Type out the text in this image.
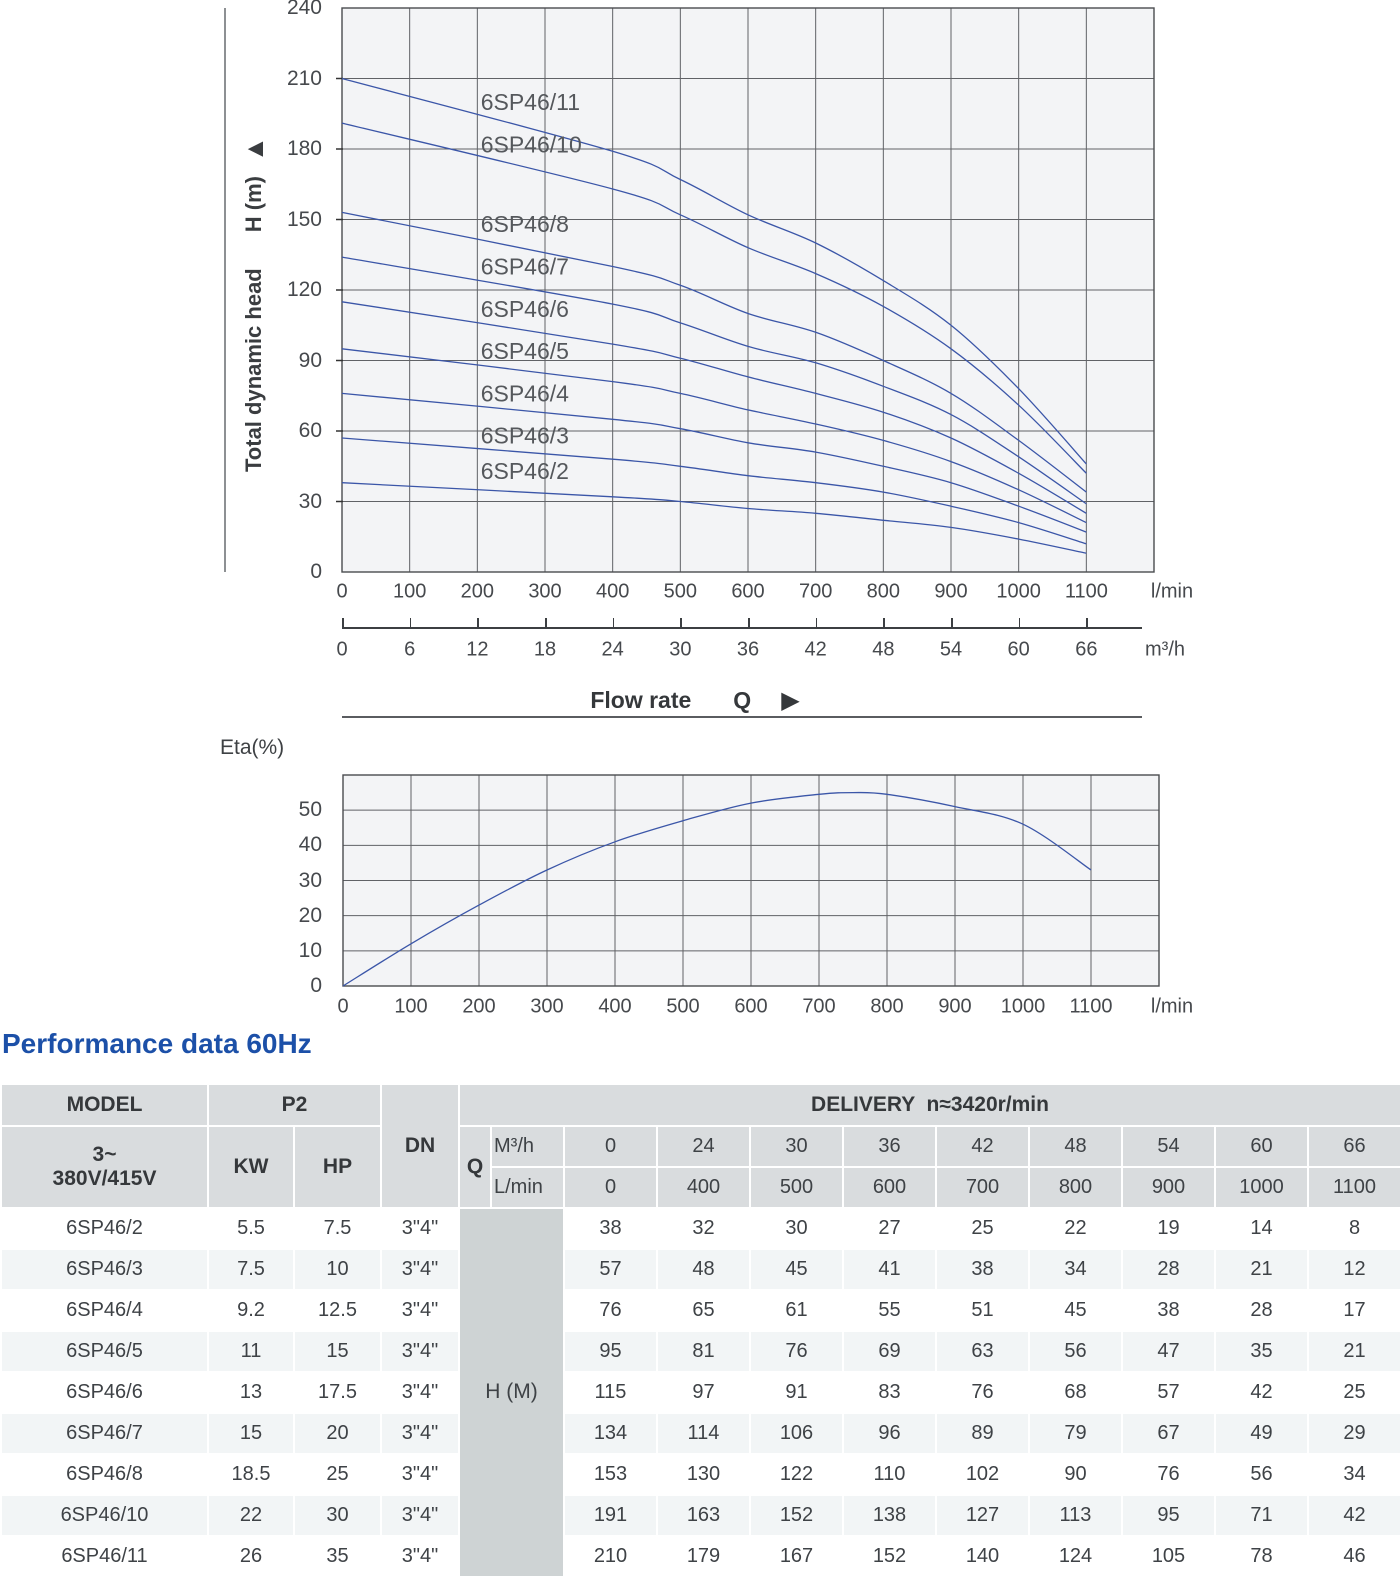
Total dynamic head
H (m)
▲
0
30
60
90
120
150
180
210
240
6SP46/11
6SP46/10
6SP46/8
6SP46/7
6SP46/6
6SP46/5
6SP46/4
6SP46/3
6SP46/2
0 100 200 300 400 500 600 700 800 900 1000 1100 l/min
0	6	12 18 24 30 36 42 48 54 60 66 m³/h
Flow rate Q ▶
Eta(%)
0
10
20
30
40
50
0 100 200 300 400 500 600 700 800 900 1000 1100 l/min
Performance data 60Hz
MODEL	P2		DN	DELIVERY  n≈3420r/min										

3~
380V/415V	KW	HP		Q	M³/h	0	24	30	36	42	48	54	60	66
					L/min	0	400	500	600	700	800	900	1000	1100
6SP46/2	5.5	7.5	3"4"	H (M)		38	32	30	27	25	22	19	14	8
6SP46/3	7.5	10	3"4"			57	48	45	41	38	34	28	21	12
6SP46/4	9.2	12.5	3"4"			76	65	61	55	51	45	38	28	17
6SP46/5	11	15	3"4"			95	81	76	69	63	56	47	35	21
6SP46/6	13	17.5	3"4"			115	97	91	83	76	68	57	42	25
6SP46/7	15	20	3"4"			134	114	106	96	89	79	67	49	29
6SP46/8	18.5	25	3"4"			153	130	122	110	102	90	76	56	34
6SP46/10	22	30	3"4"			191	163	152	138	127	113	95	71	42
6SP46/11	26	35	3"4"			210	179	167	152	140	124	105	78	46
